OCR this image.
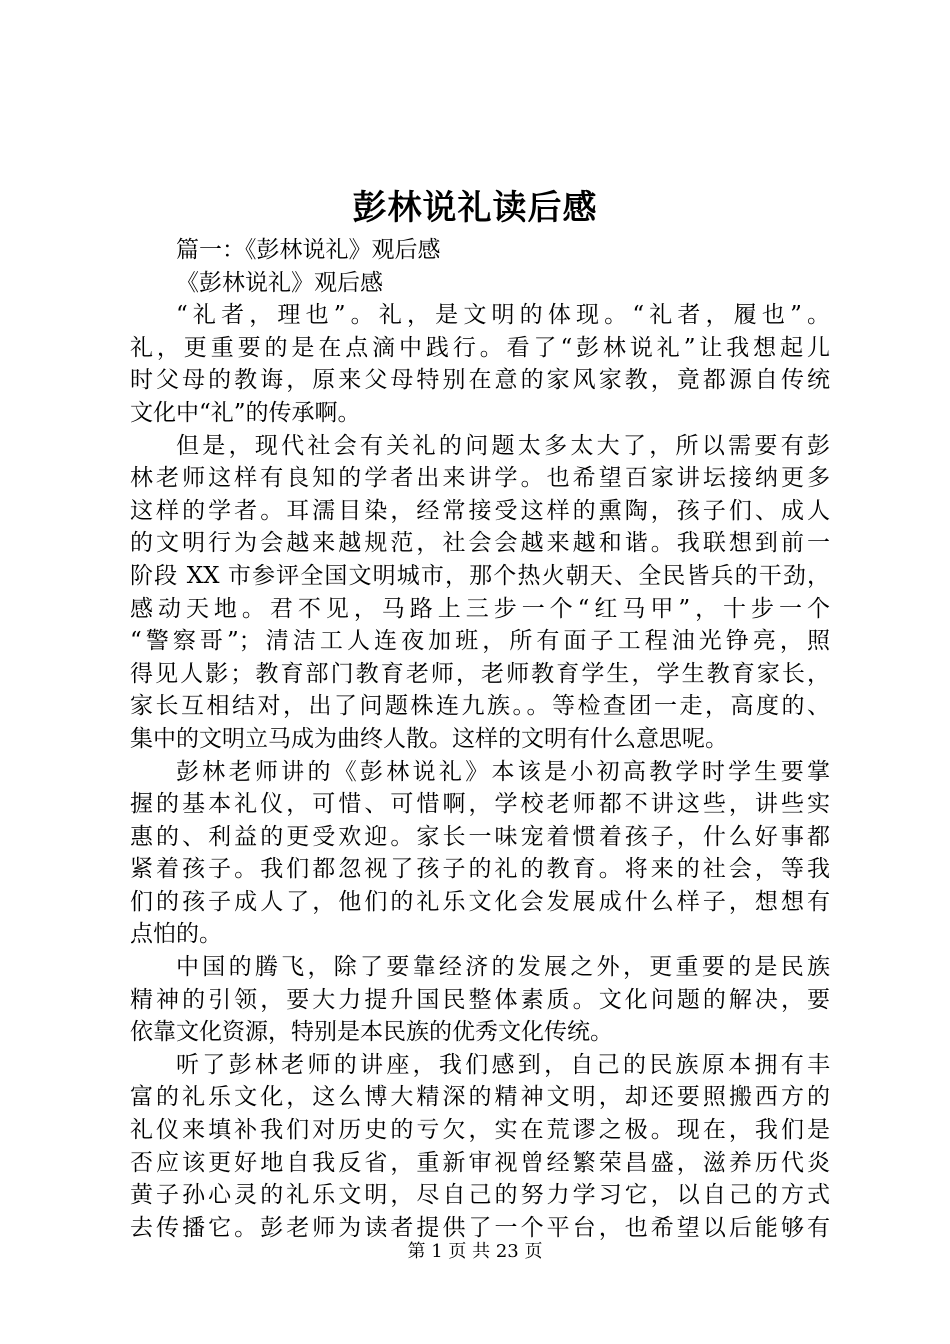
彭林说礼读后感
篇一：《彭林说礼》观后感
《彭林说礼》观后感
“礼者，理也”。礼，是文明的体现。“礼者，履也”。
礼，更重要的是在点滴中践行。看了“彭林说礼”让我想起儿
时父母的教诲，原来父母特别在意的家风家教，竟都源自传统
文化中“礼”的传承啊。
但是，现代社会有关礼的问题太多太大了，所以需要有彭
林老师这样有良知的学者出来讲学。也希望百家讲坛接纳更多
这样的学者。耳濡目染，经常接受这样的熏陶，孩子们、成人
的文明行为会越来越规范，社会会越来越和谐。我联想到前一
阶段 XX 市参评全国文明城市，那个热火朝天、全民皆兵的干劲，
感动天地。君不见，马路上三步一个“红马甲”，十步一个
“警察哥”；清洁工人连夜加班，所有面子工程油光铮亮，照
得见人影；教育部门教育老师，老师教育学生，学生教育家长，
家长互相结对，出了问题株连九族。。等检查团一走，高度的、
集中的文明立马成为曲终人散。这样的文明有什么意思呢。
彭林老师讲的《彭林说礼》本该是小初高教学时学生要掌
握的基本礼仪，可惜、可惜啊，学校老师都不讲这些，讲些实
惠的、利益的更受欢迎。家长一味宠着惯着孩子，什么好事都
紧着孩子。我们都忽视了孩子的礼的教育。将来的社会，等我
们的孩子成人了，他们的礼乐文化会发展成什么样子，想想有
点怕的。
中国的腾飞，除了要靠经济的发展之外，更重要的是民族
精神的引领，要大力提升国民整体素质。文化问题的解决，要
依靠文化资源，特别是本民族的优秀文化传统。
听了彭林老师的讲座，我们感到，自己的民族原本拥有丰
富的礼乐文化，这么博大精深的精神文明，却还要照搬西方的
礼仪来填补我们对历史的亏欠，实在荒谬之极。现在，我们是
否应该更好地自我反省，重新审视曾经繁荣昌盛，滋养历代炎
黄子孙心灵的礼乐文明，尽自己的努力学习它，以自己的方式
去传播它。彭老师为读者提供了一个平台，也希望以后能够有
第 1 页 共 23 页
